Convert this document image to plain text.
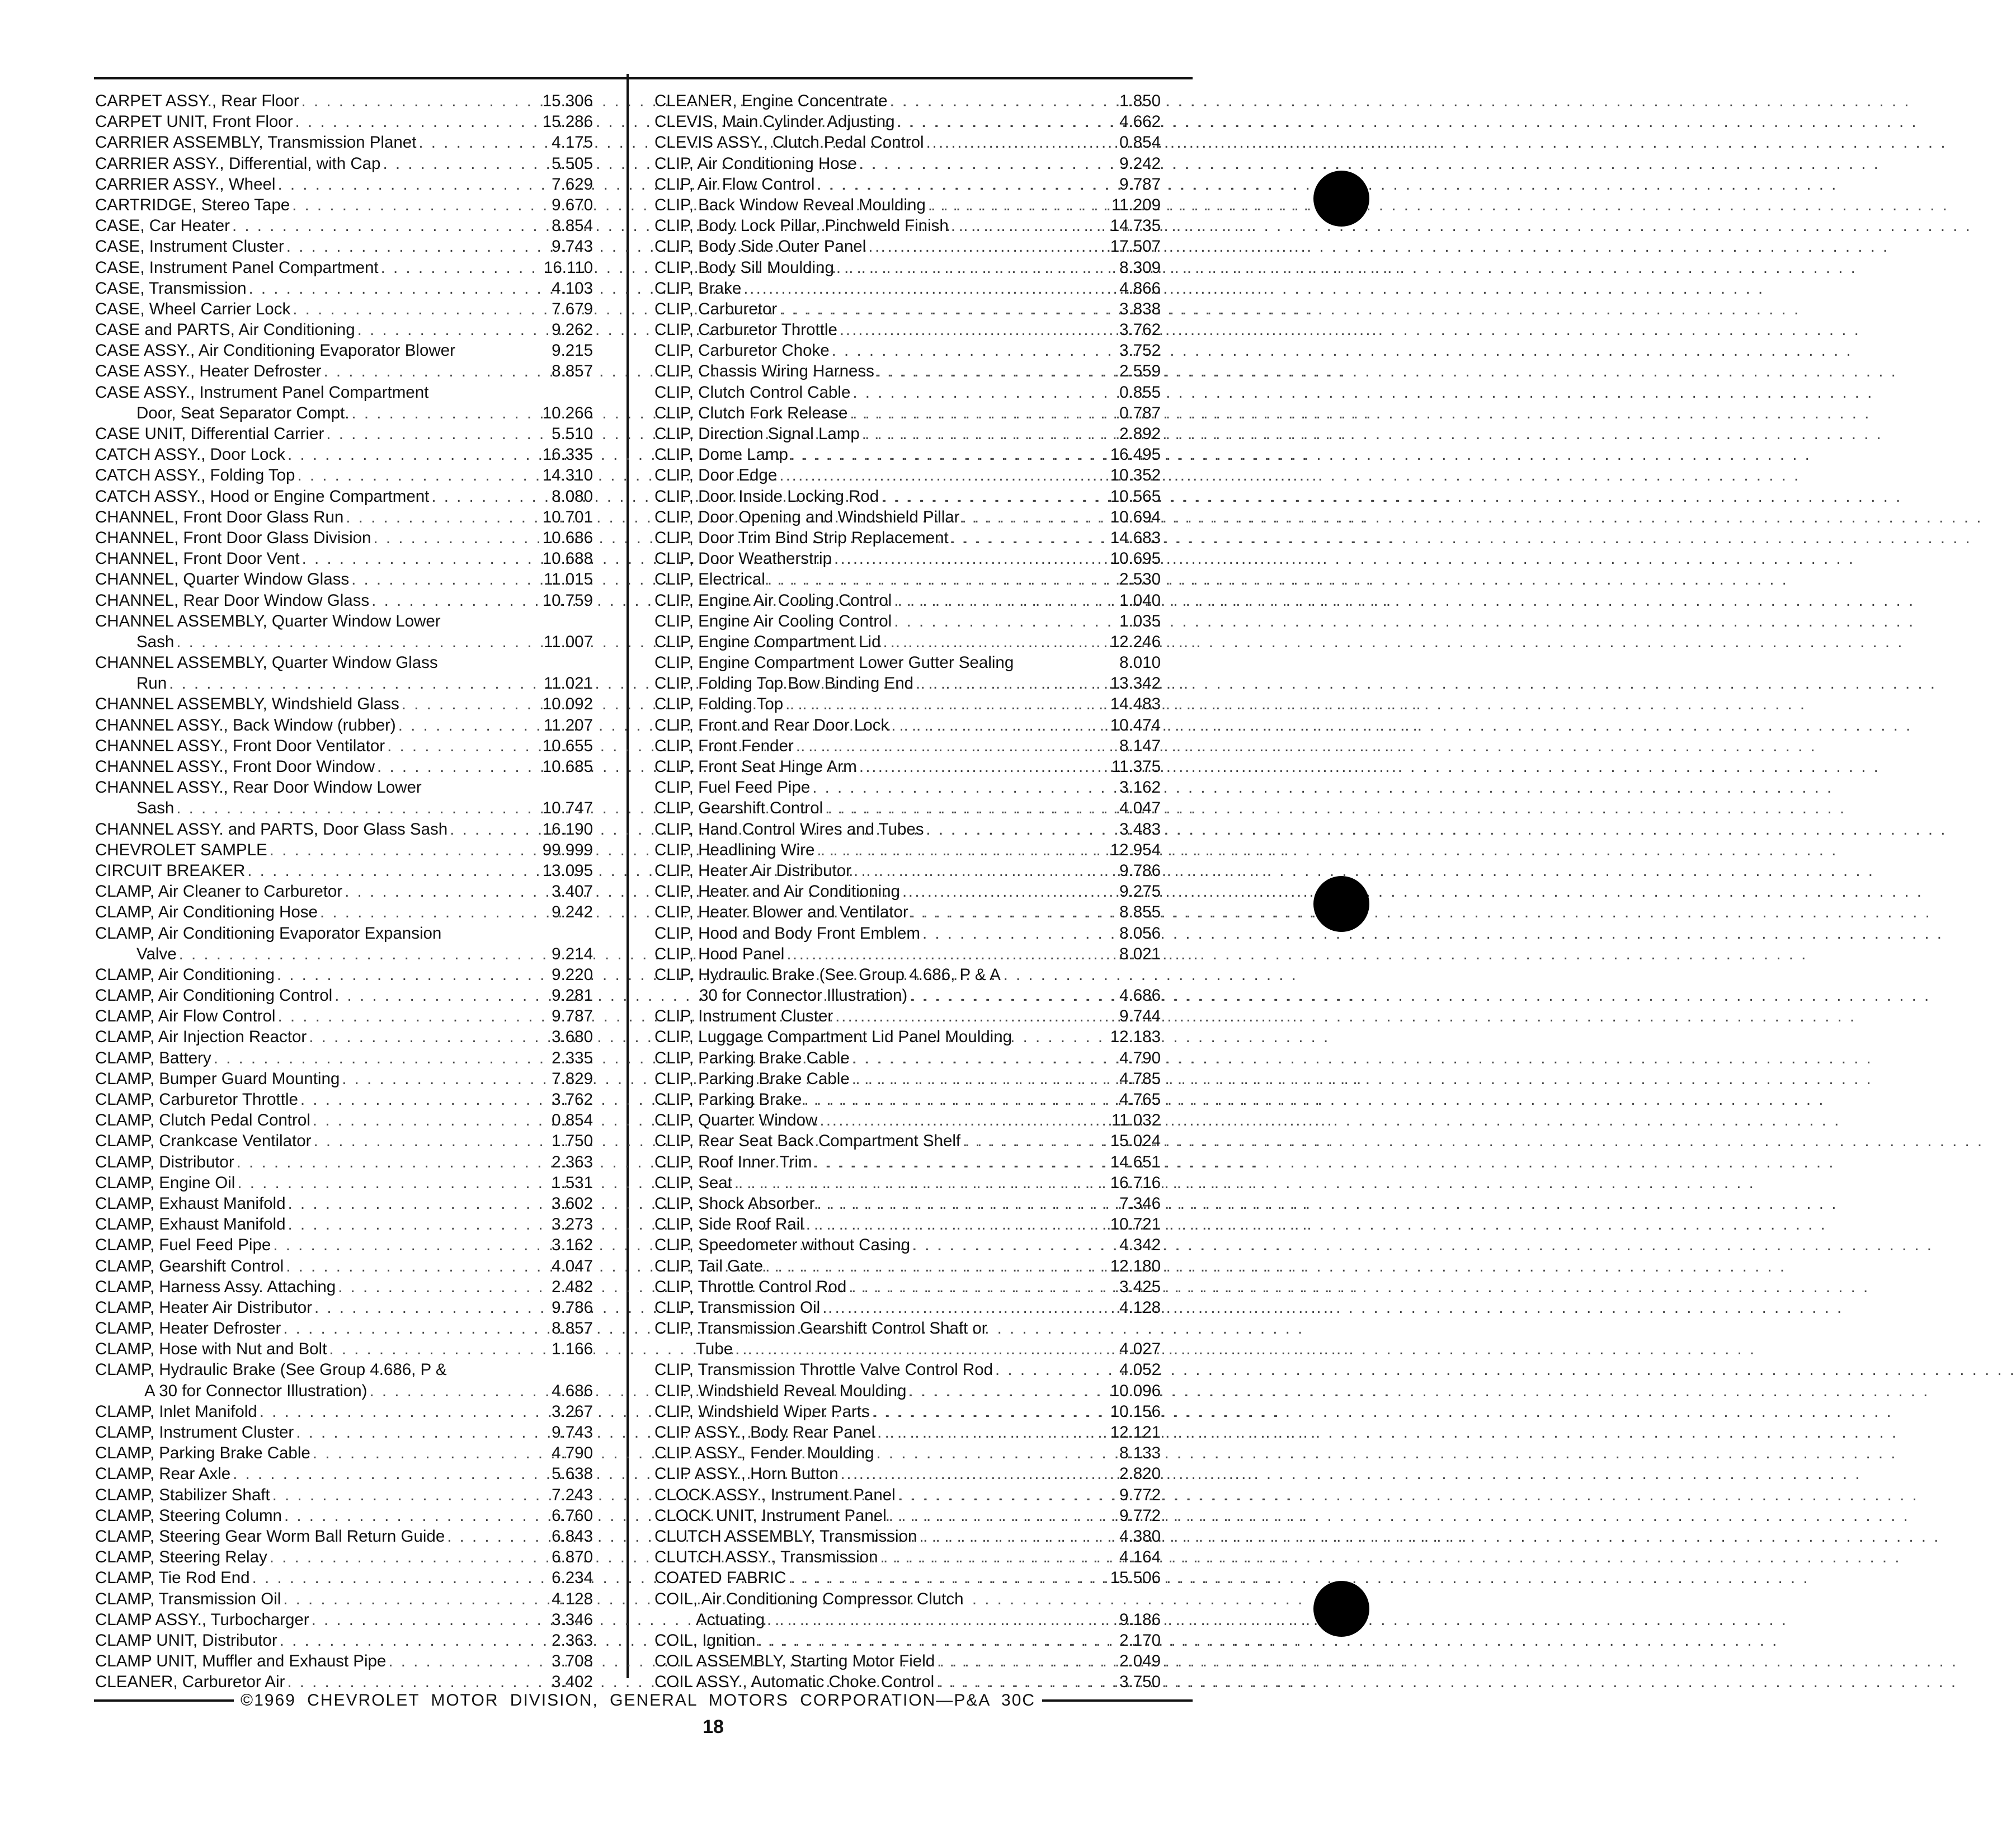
CARPET ASSY., Rear Floor . . .	15.306
CARPET UNIT, Front Floor . . .	15.286
CARRIER ASSEMBLY, Transmission Planet . . .	4.175
CARRIER ASSY., Differential, with Cap . . .	5.505
CARRIER ASSY., Wheel . . .	7.629
CARTRIDGE, Stereo Tape . . .	9.670
CASE, Car Heater . . .	8.854
CASE, Instrument Cluster . . .	9.743
CASE, Instrument Panel Compartment . . .	16.110
CASE, Transmission . . .	4.103
CASE, Wheel Carrier Lock . . .	7.679
CASE and PARTS, Air Conditioning . . .	9.262
CASE ASSY., Air Conditioning Evaporator Blower	9.215
CASE ASSY., Heater Defroster . . .	8.857
CASE ASSY., Instrument Panel Compartment
Door, Seat Separator Compt. . . .	10.266
CASE UNIT, Differential Carrier . . .	5.510
CATCH ASSY., Door Lock . . .	16.335
CATCH ASSY., Folding Top . . .	14.310
CATCH ASSY., Hood or Engine Compartment . . .	8.080
CHANNEL, Front Door Glass Run . . .	10.701
CHANNEL, Front Door Glass Division . . .	10.686
CHANNEL, Front Door Vent . . .	10.688
CHANNEL, Quarter Window Glass . . .	11.015
CHANNEL, Rear Door Window Glass . . .	10.759
CHANNEL ASSEMBLY, Quarter Window Lower
Sash . . .	11.007
CHANNEL ASSEMBLY, Quarter Window Glass
Run . . .	11.021
CHANNEL ASSEMBLY, Windshield Glass . . .	10.092
CHANNEL ASSY., Back Window (rubber) . . .	11.207
CHANNEL ASSY., Front Door Ventilator . . .	10.655
CHANNEL ASSY., Front Door Window . . .	10.685
CHANNEL ASSY., Rear Door Window Lower
Sash . . .	10.747
CHANNEL ASSY. and PARTS, Door Glass Sash . . .	16.190
CHEVROLET SAMPLE . . .	99.999
CIRCUIT BREAKER . . .	13.095
CLAMP, Air Cleaner to Carburetor . . .	3.407
CLAMP, Air Conditioning Hose . . .	9.242
CLAMP, Air Conditioning Evaporator Expansion
Valve . . .	9.214
CLAMP, Air Conditioning . . .	9.220
CLAMP, Air Conditioning Control . . .	9.281
CLAMP, Air Flow Control . . .	9.787
CLAMP, Air Injection Reactor . . .	3.680
CLAMP, Battery . . .	2.335
CLAMP, Bumper Guard Mounting . . .	7.829
CLAMP, Carburetor Throttle . . .	3.762
CLAMP, Clutch Pedal Control . . .	0.854
CLAMP, Crankcase Ventilator . . .	1.750
CLAMP, Distributor . . .	2.363
CLAMP, Engine Oil . . .	1.531
CLAMP, Exhaust Manifold . . .	3.602
CLAMP, Exhaust Manifold . . .	3.273
CLAMP, Fuel Feed Pipe . . .	3.162
CLAMP, Gearshift Control . . .	4.047
CLAMP, Harness Assy. Attaching . . .	2.482
CLAMP, Heater Air Distributor . . .	9.786
CLAMP, Heater Defroster . . .	8.857
CLAMP, Hose with Nut and Bolt . . .	1.166
CLAMP, Hydraulic Brake (See Group 4.686, P &
A 30 for Connector Illustration) . . .	4.686
CLAMP, Inlet Manifold . . .	3.267
CLAMP, Instrument Cluster . . .	9.743
CLAMP, Parking Brake Cable . . .	4.790
CLAMP, Rear Axle . . .	5.638
CLAMP, Stabilizer Shaft . . .	7.243
CLAMP, Steering Column . . .	6.760
CLAMP, Steering Gear Worm Ball Return Guide . . .	6.843
CLAMP, Steering Relay . . .	6.870
CLAMP, Tie Rod End . . .	6.234
CLAMP, Transmission Oil . . .	4.128
CLAMP ASSY., Turbocharger . . .	3.346
CLAMP UNIT, Distributor . . .	2.363
CLAMP UNIT, Muffler and Exhaust Pipe . . .	3.708
CLEANER, Carburetor Air . . .	3.402
CLEANER, Engine Concentrate . . .	1.850
CLEVIS, Main Cylinder Adjusting . . .	4.662
CLEVIS ASSY., Clutch Pedal Control . . .	0.854
CLIP, Air Conditioning Hose . . .	9.242
CLIP, Air Flow Control . . .	9.787
CLIP, Back Window Reveal Moulding . . .	11.209
CLIP, Body Lock Pillar, Pinchweld Finish . . .	14.735
CLIP, Body Side Outer Panel . . .	17.507
CLIP, Body Sill Moulding . . .	8.309
CLIP, Brake . . .	4.866
CLIP, Carburetor . . .	3.838
CLIP, Carburetor Throttle . . .	3.762
CLIP, Carburetor Choke . . .	3.752
CLIP, Chassis Wiring Harness . . .	2.559
CLIP, Clutch Control Cable . . .	0.855
CLIP, Clutch Fork Release . . .	0.787
CLIP, Direction Signal Lamp . . .	2.892
CLIP, Dome Lamp . . .	16.495
CLIP, Door Edge . . .	10.352
CLIP, Door Inside Locking Rod . . .	10.565
CLIP, Door Opening and Windshield Pillar . . .	10.694
CLIP, Door Trim Bind Strip Replacement . . .	14.683
CLIP, Door Weatherstrip . . .	10.695
CLIP, Electrical . . .	2.530
CLIP, Engine Air Cooling Control . . .	1.040
CLIP, Engine Air Cooling Control . . .	1.035
CLIP, Engine Compartment Lid . . .	12.246
CLIP, Engine Compartment Lower Gutter Sealing	8.010
CLIP, Folding Top Bow Binding End . . .	13.342
CLIP, Folding Top . . .	14.483
CLIP, Front and Rear Door Lock . . .	10.474
CLIP, Front Fender . . .	8.147
CLIP, Front Seat Hinge Arm . . .	11.375
CLIP, Fuel Feed Pipe . . .	3.162
CLIP, Gearshift Control . . .	4.047
CLIP, Hand Control Wires and Tubes . . .	3.483
CLIP, Headlining Wire . . .	12.954
CLIP, Heater Air Distributor . . .	9.786
CLIP, Heater and Air Conditioning . . .	9.275
CLIP, Heater Blower and Ventilator . . .	8.855
CLIP, Hood and Body Front Emblem . . .	8.056
CLIP, Hood Panel . . .	8.021
CLIP, Hydraulic Brake (See Group 4.686, P & A
30 for Connector Illustration) . . .	4.686
CLIP, Instrument Cluster . . .	9.744
CLIP, Luggage Compartment Lid Panel Moulding	12.183
CLIP, Parking Brake Cable . . .	4.790
CLIP, Parking Brake Cable . . .	4.785
CLIP, Parking Brake . . .	4.765
CLIP, Quarter Window . . .	11.032
CLIP, Rear Seat Back Compartment Shelf . . .	15.024
CLIP, Roof Inner Trim . . .	14.651
CLIP, Seat . . .	16.716
CLIP, Shock Absorber . . .	7.346
CLIP, Side Roof Rail . . .	10.721
CLIP, Speedometer without Casing . . .	4.342
CLIP, Tail Gate . . .	12.180
CLIP, Throttle Control Rod . . .	3.425
CLIP, Transmission Oil . . .	4.128
CLIP, Transmission Gearshift Control Shaft or
Tube . . .	4.027
CLIP, Transmission Throttle Valve Control Rod . . .	4.052
CLIP, Windshield Reveal Moulding . . .	10.096
CLIP, Windshield Wiper Parts . . .	10.156
CLIP ASSY., Body Rear Panel . . .	12.121
CLIP ASSY., Fender Moulding . . .	8.133
CLIP ASSY., Horn Button . . .	2.820
CLOCK ASSY., Instrument Panel . . .	9.772
CLOCK UNIT, Instrument Panel . . .	9.772
CLUTCH ASSEMBLY, Transmission . . .	4.380
CLUTCH ASSY., Transmission . . .	4.164
COATED FABRIC . . .	15.506
COIL, Air Conditioning Compressor Clutch
Actuating . . .	9.186
COIL, Ignition . . .	2.170
COIL ASSEMBLY, Starting Motor Field . . .	2.049
COIL ASSY., Automatic Choke Control . . .	3.750
©1969 CHEVROLET MOTOR DIVISION, GENERAL MOTORS CORPORATION—P&A 30C
18
